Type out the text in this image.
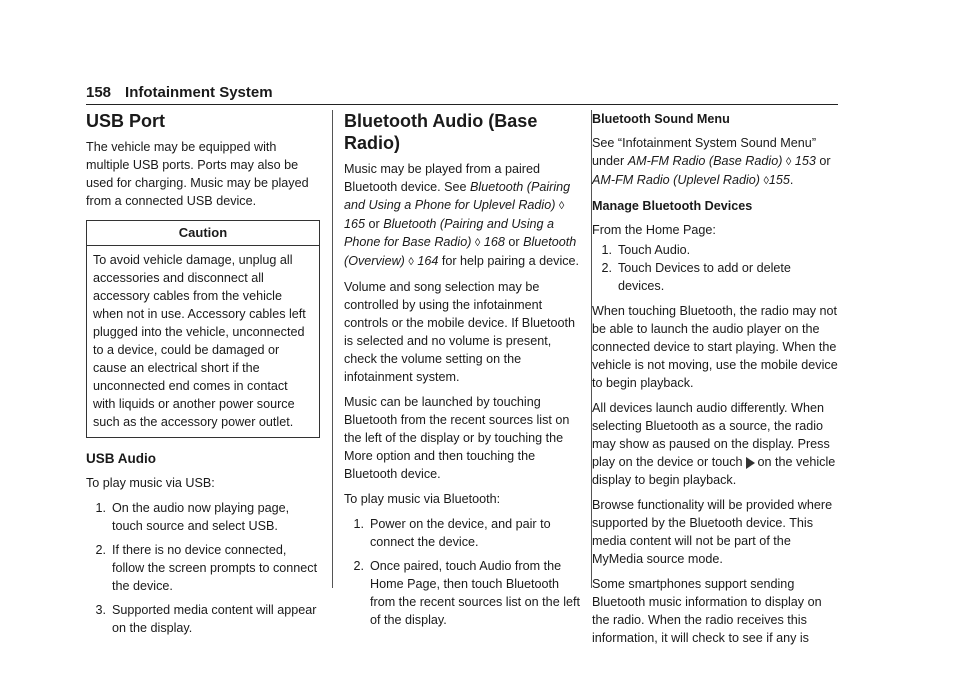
158 Infotainment System
USB Port

The vehicle may be equipped with multiple USB ports. Ports may also be used for charging. Music may be played from a connected USB device.

Caution
To avoid vehicle damage, unplug all accessories and disconnect all accessory cables from the vehicle when not in use. Accessory cables left plugged into the vehicle, unconnected to a device, could be damaged or cause an electrical short if the unconnected end comes in contact with liquids or another power source such as the accessory power outlet.
USB Audio

To play music via USB:

1. On the audio now playing page, touch source and select USB.
2. If there is no device connected, follow the screen prompts to connect the device.
3. Supported media content will appear on the display.
Bluetooth Audio (Base Radio)

Music may be played from a paired Bluetooth device. See Bluetooth (Pairing and Using a Phone for Uplevel Radio) ◊ 165 or Bluetooth (Pairing and Using a Phone for Base Radio) ◊ 168 or Bluetooth (Overview) ◊ 164 for help pairing a device.

Volume and song selection may be controlled by using the infotainment controls or the mobile device. If Bluetooth is selected and no volume is present, check the volume setting on the infotainment system.

Music can be launched by touching Bluetooth from the recent sources list on the left of the display or by touching the More option and then touching the Bluetooth device.

To play music via Bluetooth:

1. Power on the device, and pair to connect the device.
2. Once paired, touch Audio from the Home Page, then touch Bluetooth from the recent sources list on the left of the display.
Bluetooth Sound Menu

See “Infotainment System Sound Menu” under AM-FM Radio (Base Radio) ◊ 153 or AM-FM Radio (Uplevel Radio) ◊155.

Manage Bluetooth Devices

From the Home Page:

1. Touch Audio.
2. Touch Devices to add or delete devices.

When touching Bluetooth, the radio may not be able to launch the audio player on the connected device to start playing. When the vehicle is not moving, use the mobile device to begin playback.

All devices launch audio differently. When selecting Bluetooth as a source, the radio may show as paused on the display. Press play on the device or touch on the vehicle display to begin playback.

Browse functionality will be provided where supported by the Bluetooth device. This media content will not be part of the MyMedia source mode.

Some smartphones support sending Bluetooth music information to display on the radio. When the radio receives this information, it will check to see if any is
